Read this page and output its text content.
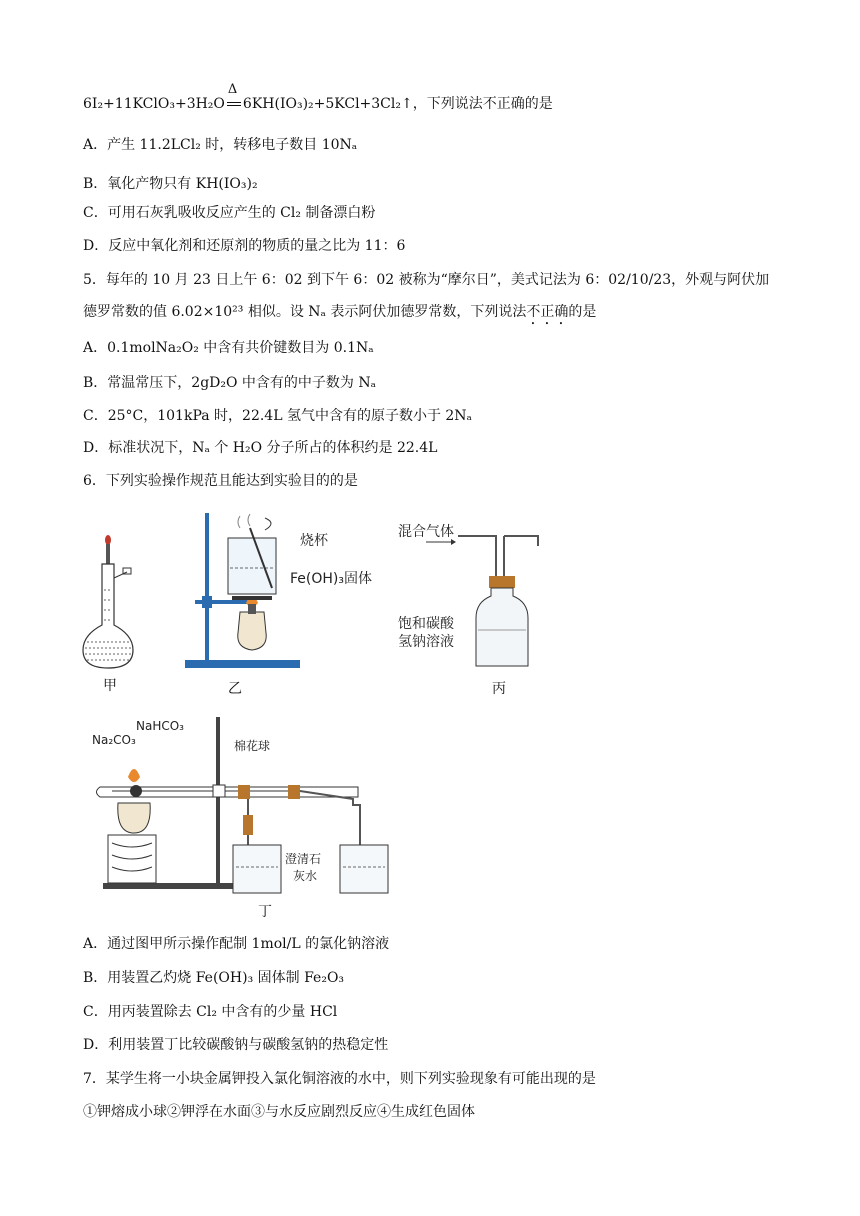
6I₂+11KClO₃+3H₂O
Δ
6KH(IO₃)₂+5KCl+3Cl₂↑，下列说法不正确的是
A．产生 11.2LCl₂ 时，转移电子数目 10Nₐ
B．氧化产物只有 KH(IO₃)₂
C．可用石灰乳吸收反应产生的 Cl₂ 制备漂白粉
D．反应中氧化剂和还原剂的物质的量之比为 11：6
5．每年的 10 月 23 日上午 6：02 到下午 6：02 被称为“摩尔日”，美式记法为 6：02/10/23，外观与阿伏加
德罗常数的值 6.02×10²³ 相似。设 Nₐ 表示阿伏加德罗常数，下列说法不正确的是
A．0.1molNa₂O₂ 中含有共价键数目为 0.1Nₐ
B．常温常压下，2gD₂O 中含有的中子数为 Nₐ
C．25°C，101kPa 时，22.4L 氢气中含有的原子数小于 2Nₐ
D．标准状况下，Nₐ 个 H₂O 分子所占的体积约是 22.4L
6．下列实验操作规范且能达到实验目的的是
甲
烧杯
Fe(OH)₃固体
乙
混合气体
饱和碳酸
氢钠溶液
丙
Na₂CO₃
NaHCO₃
棉花球
澄清石
灰水
丁
A．通过图甲所示操作配制 1mol/L 的氯化钠溶液
B．用装置乙灼烧 Fe(OH)₃ 固体制 Fe₂O₃
C．用丙装置除去 Cl₂ 中含有的少量 HCl
D．利用装置丁比较碳酸钠与碳酸氢钠的热稳定性
7．某学生将一小块金属钾投入氯化铜溶液的水中，则下列实验现象有可能出现的是
①钾熔成小球②钾浮在水面③与水反应剧烈反应④生成红色固体
